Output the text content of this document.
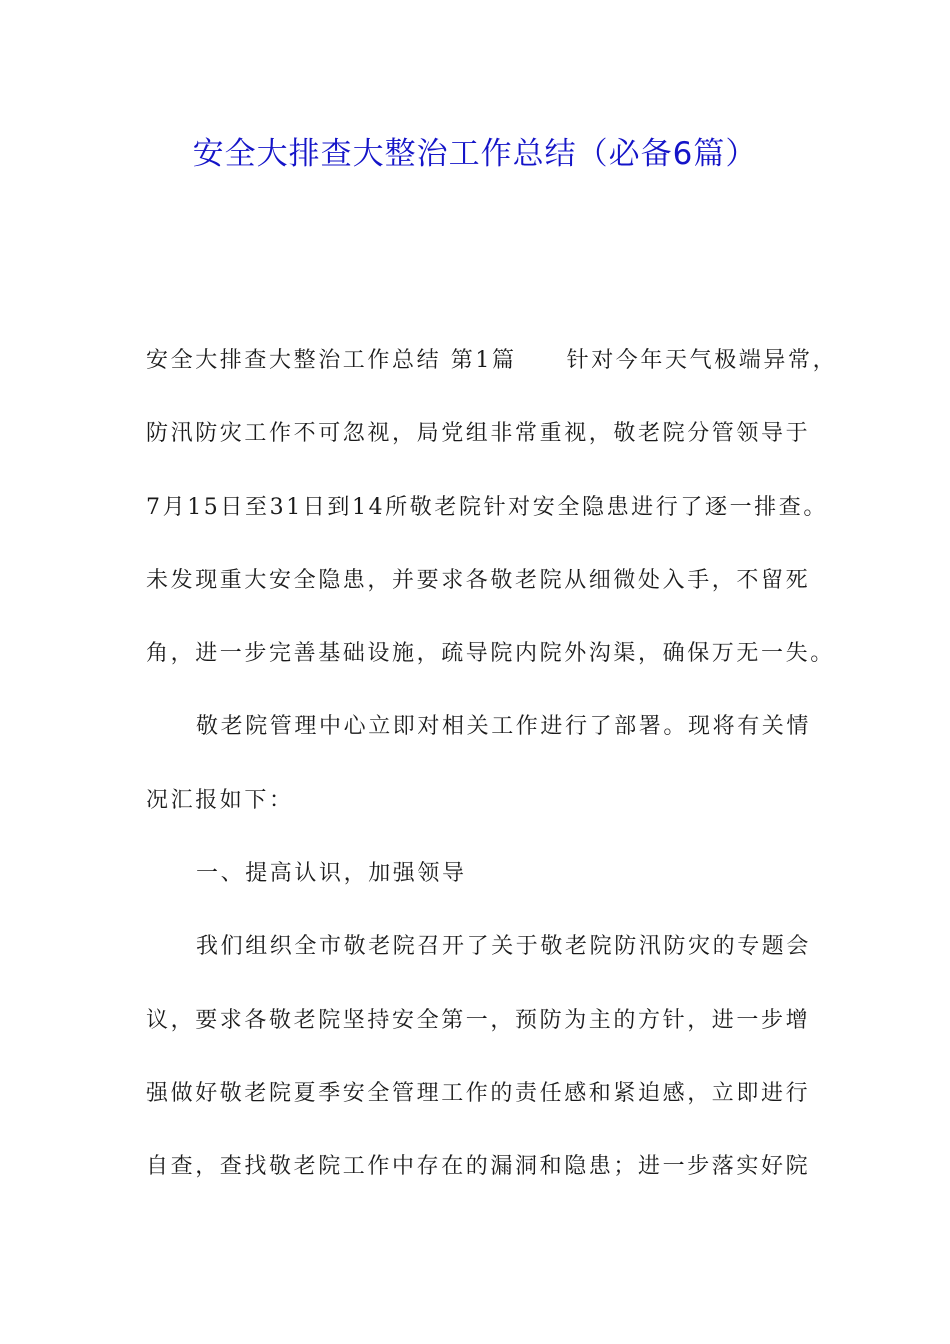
安全大排查大整治工作总结（必备6篇）
安全大排查大整治工作总结 第1篇 针对今年天气极端异常，
防汛防灾工作不可忽视，局党组非常重视，敬老院分管领导于
7月15日至31日到14所敬老院针对安全隐患进行了逐一排查。
未发现重大安全隐患，并要求各敬老院从细微处入手，不留死
角，进一步完善基础设施，疏导院内院外沟渠，确保万无一失。
敬老院管理中心立即对相关工作进行了部署。现将有关情
况汇报如下：
一、提高认识，加强领导
我们组织全市敬老院召开了关于敬老院防汛防灾的专题会
议，要求各敬老院坚持安全第一，预防为主的方针，进一步增
强做好敬老院夏季安全管理工作的责任感和紧迫感，立即进行
自查，查找敬老院工作中存在的漏洞和隐患；进一步落实好院
